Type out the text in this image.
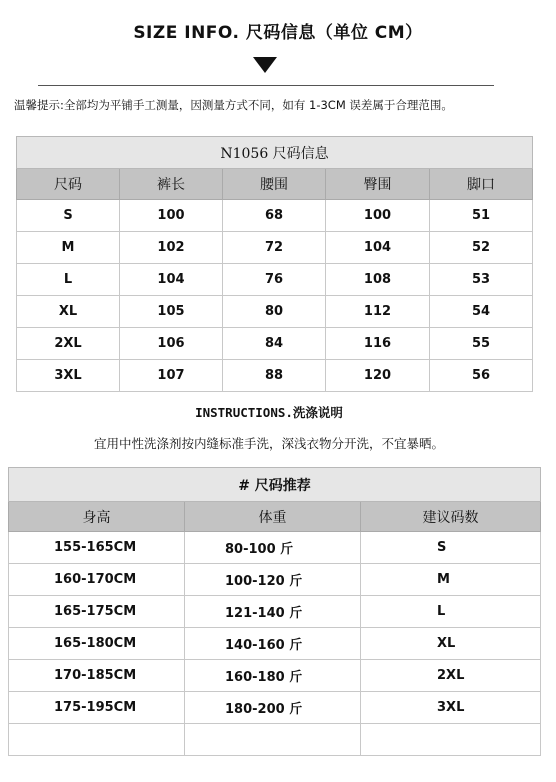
SIZE INFO. 尺码信息（单位 CM）
温馨提示:全部均为平铺手工测量，因测量方式不同，如有 1-3CM 误差属于合理范围。
N1056 尺码信息				
尺码	裤长	腰围	臀围	脚口
S	100	68	100	51
M	102	72	104	52
L	104	76	108	53
XL	105	80	112	54
2XL	106	84	116	55
3XL	107	88	120	56
INSTRUCTIONS.洗涤说明
宜用中性洗涤剂按内缝标准手洗，深浅衣物分开洗，不宜暴晒。
# 尺码推荐		
身高	体重	建议码数
155-165CM	80-100 斤	S
160-170CM	100-120 斤	M
165-175CM	121-140 斤	L
165-180CM	140-160 斤	XL
170-185CM	160-180 斤	2XL
175-195CM	180-200 斤	3XL
